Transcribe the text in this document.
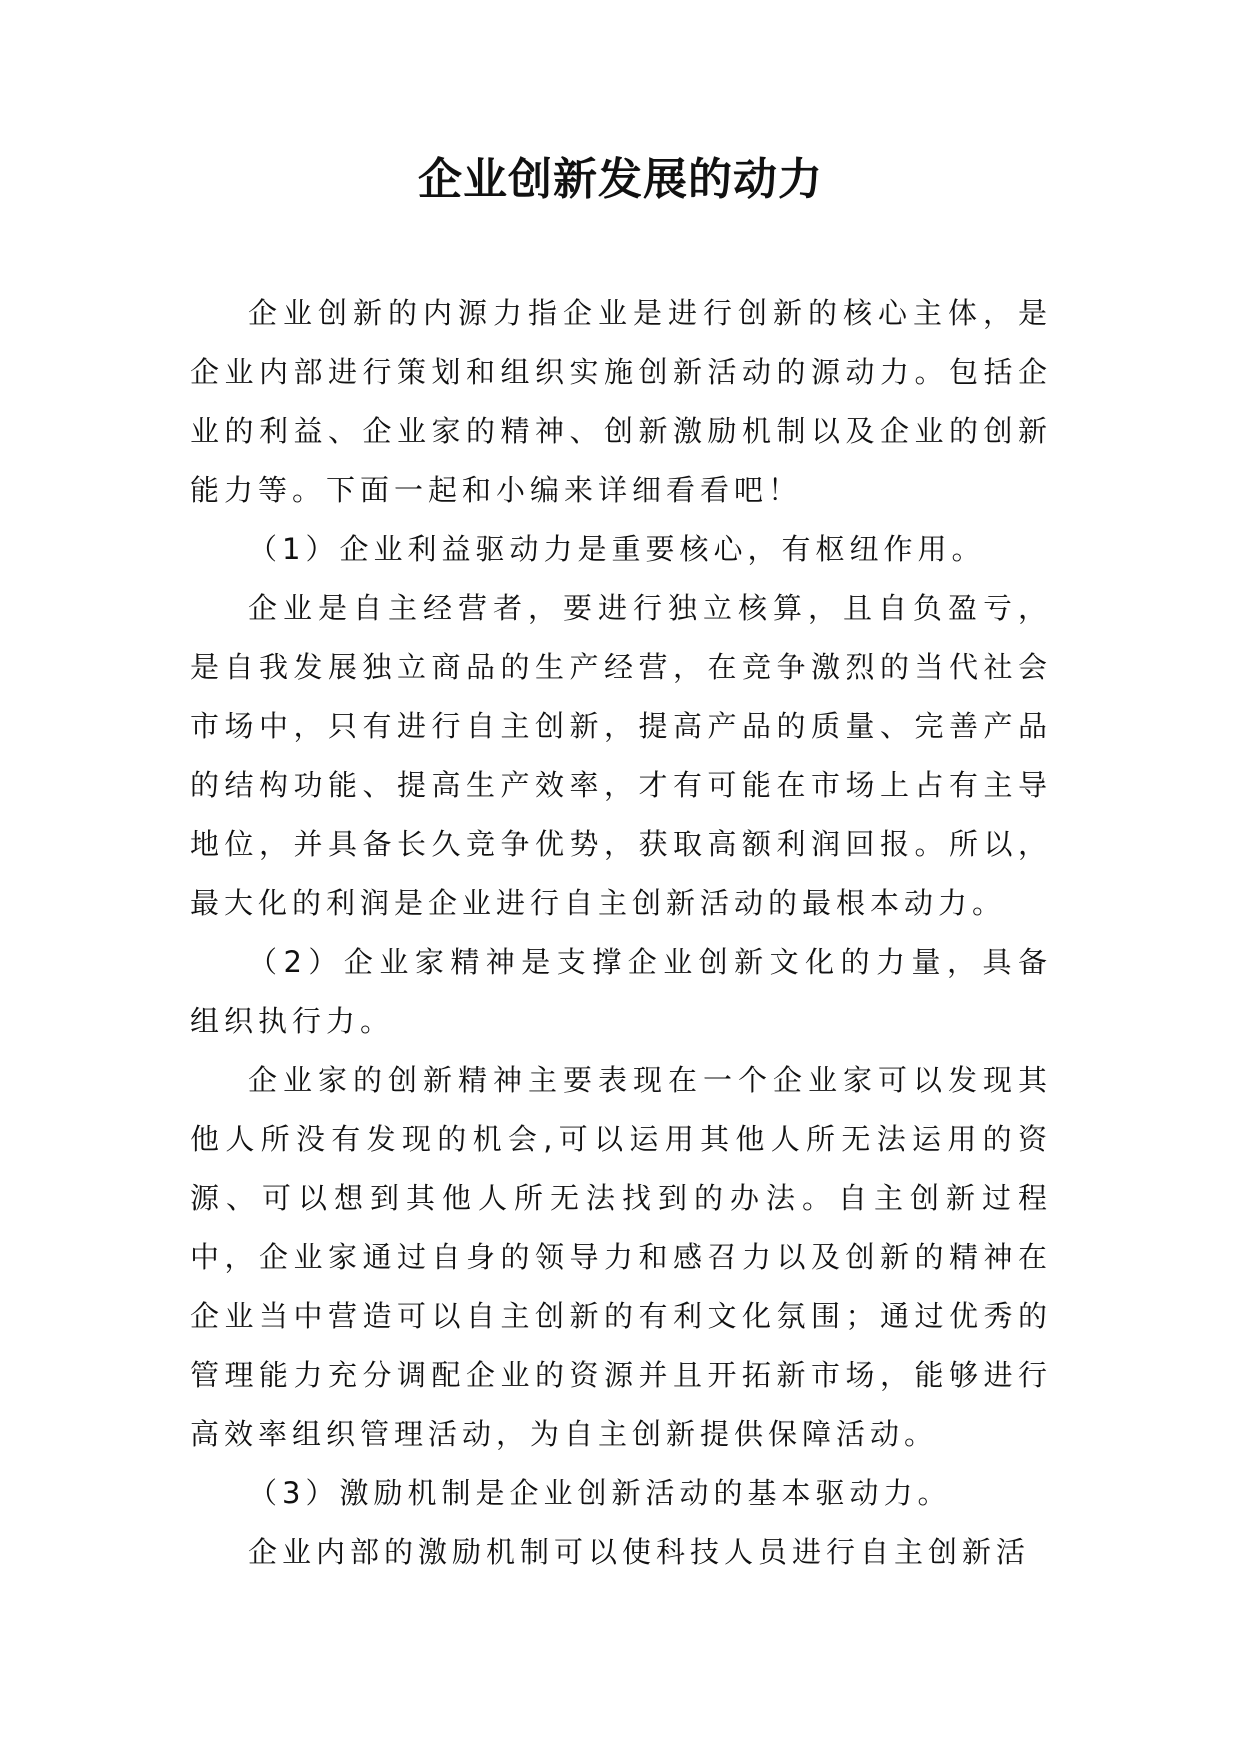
企业创新发展的动力

企业创新的内源力指企业是进行创新的核心主体，是企业内部进行策划和组织实施创新活动的源动力。包括企业的利益、企业家的精神、创新激励机制以及企业的创新能力等。下面一起和小编来详细看看吧！

（1）企业利益驱动力是重要核心，有枢纽作用。

企业是自主经营者，要进行独立核算，且自负盈亏，是自我发展独立商品的生产经营，在竞争激烈的当代社会市场中，只有进行自主创新，提高产品的质量、完善产品的结构功能、提高生产效率，才有可能在市场上占有主导地位，并具备长久竞争优势，获取高额利润回报。所以，最大化的利润是企业进行自主创新活动的最根本动力。

（2）企业家精神是支撑企业创新文化的力量，具备组织执行力。

企业家的创新精神主要表现在一个企业家可以发现其他人所没有发现的机会,可以运用其他人所无法运用的资源、可以想到其他人所无法找到的办法。自主创新过程中，企业家通过自身的领导力和感召力以及创新的精神在企业当中营造可以自主创新的有利文化氛围；通过优秀的管理能力充分调配企业的资源并且开拓新市场，能够进行高效率组织管理活动，为自主创新提供保障活动。

（3）激励机制是企业创新活动的基本驱动力。

企业内部的激励机制可以使科技人员进行自主创新活
